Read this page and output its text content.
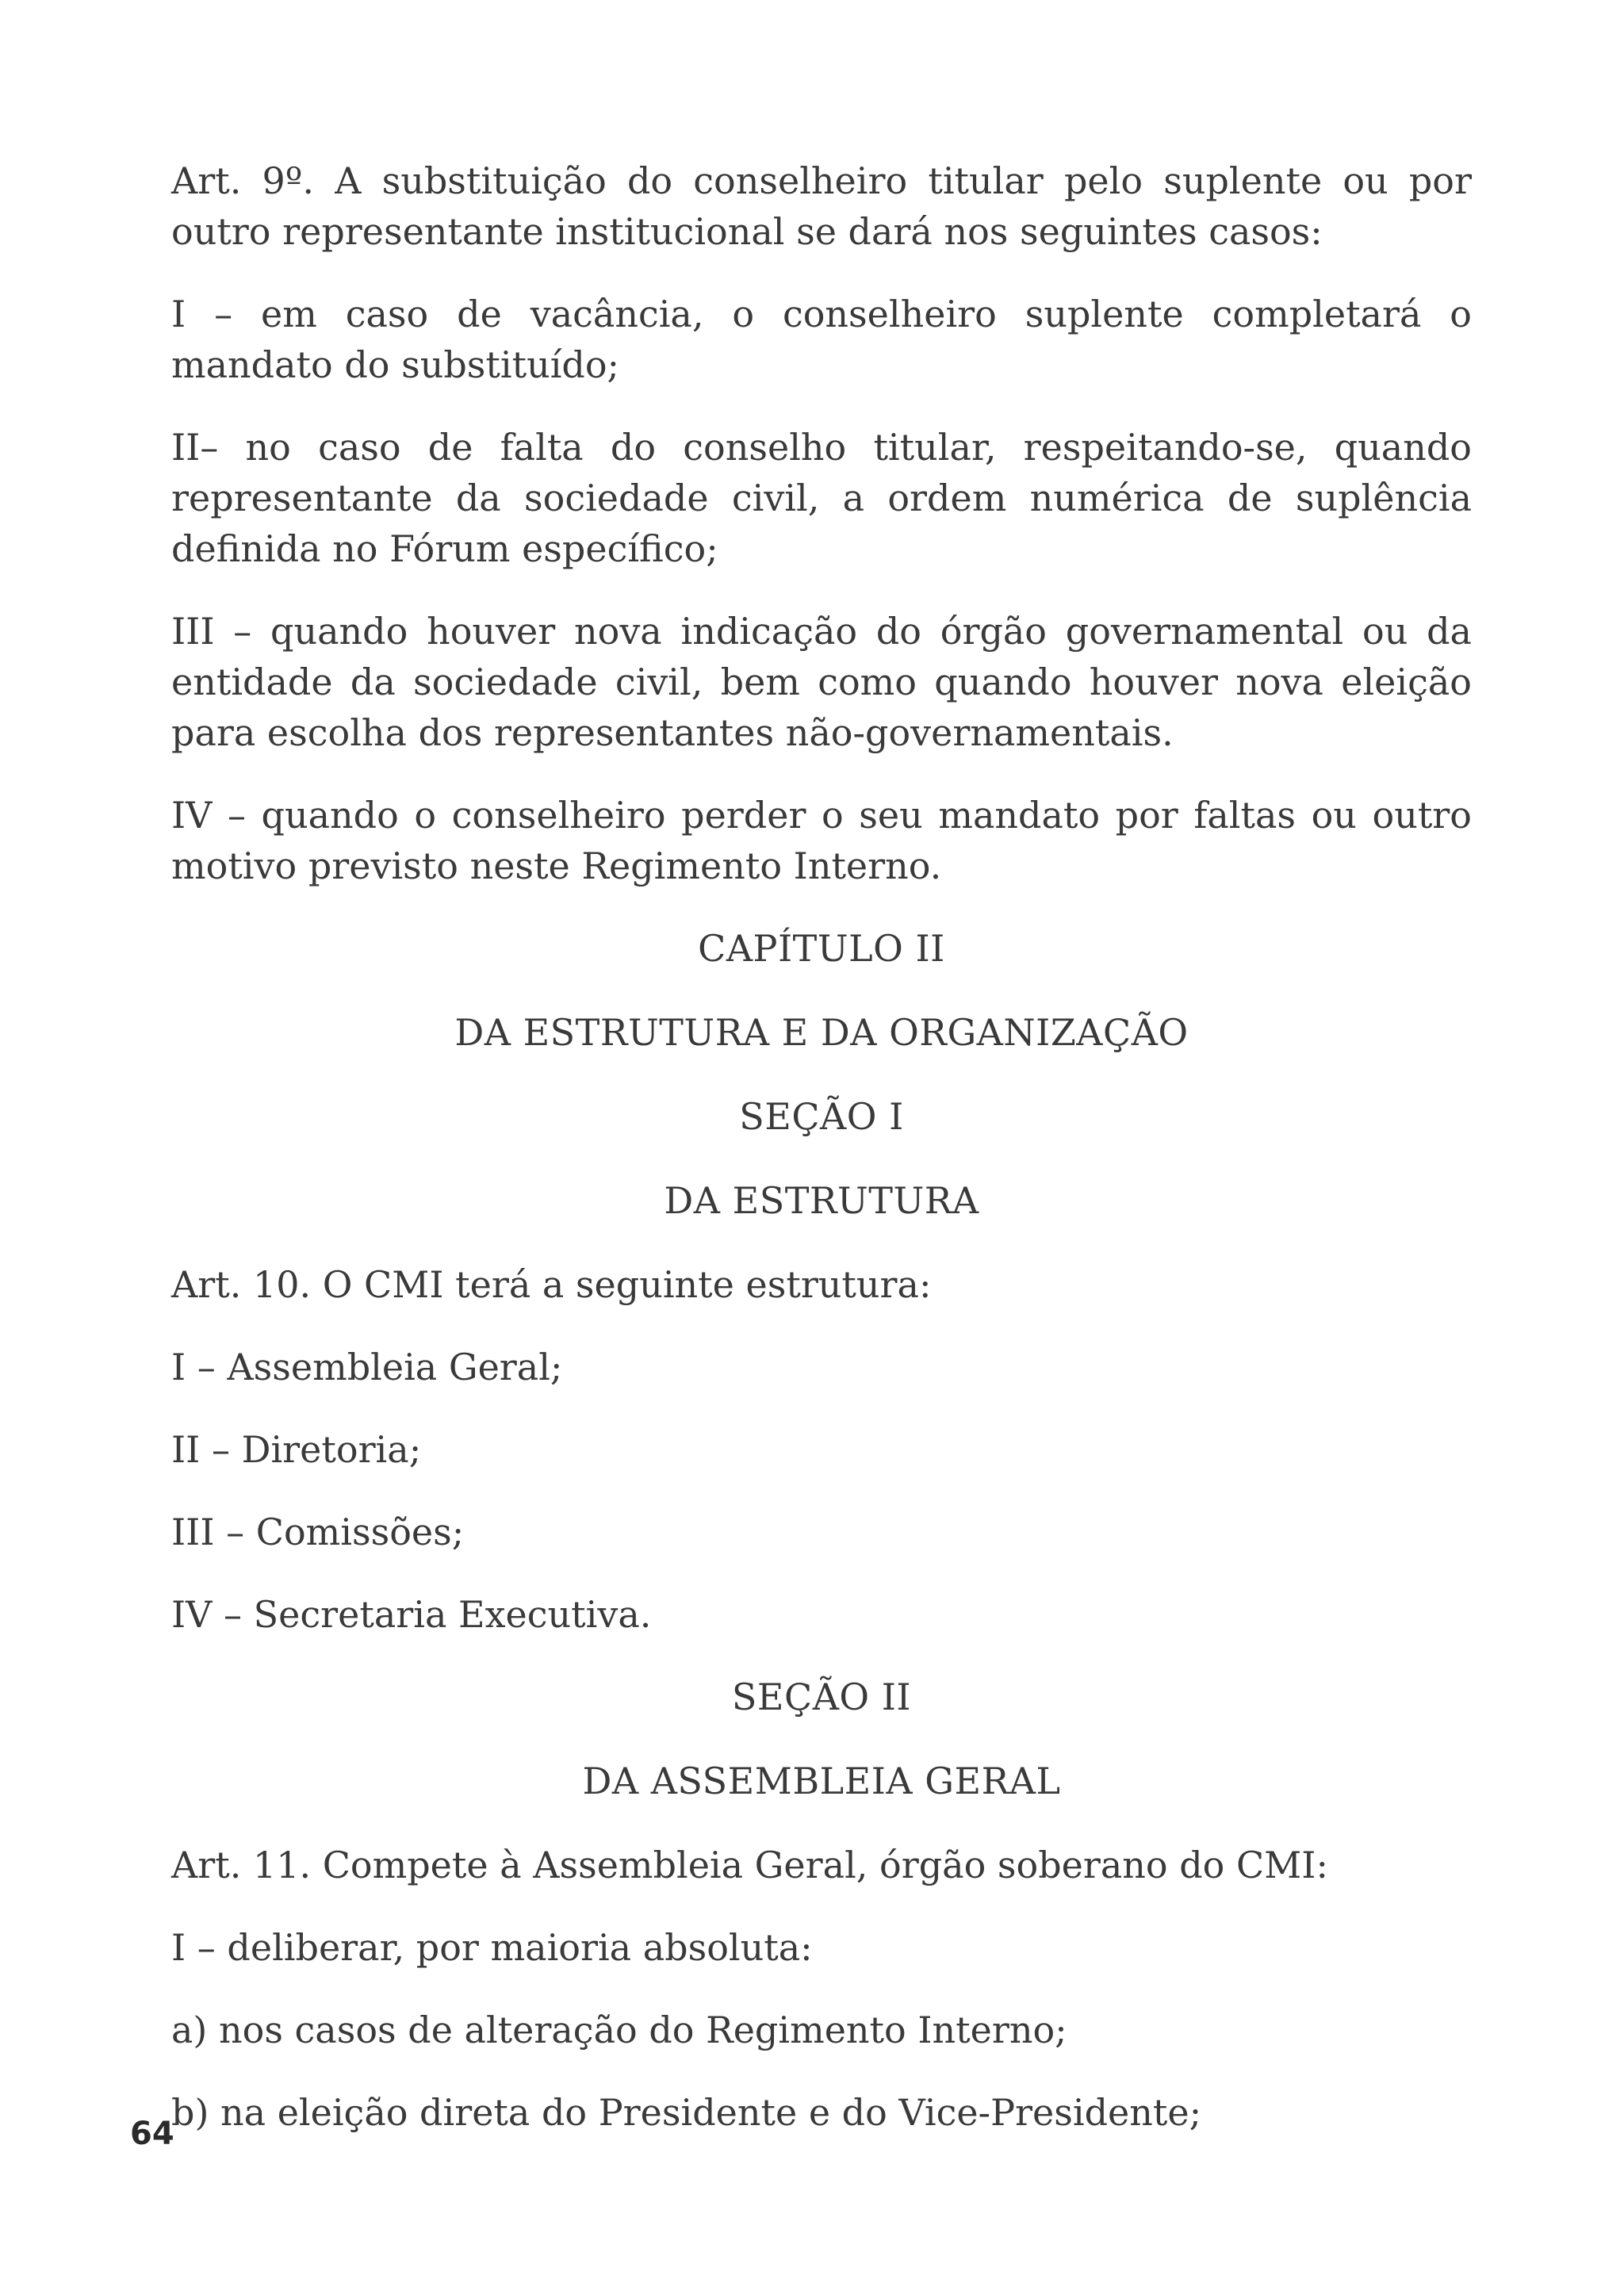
Art. 9º. A substituição do conselheiro titular pelo suplente ou por outro representante institucional se dará nos seguintes casos:

I – em caso de vacância, o conselheiro suplente completará o mandato do substituído;

II– no caso de falta do conselho titular, respeitando-se, quando representante da sociedade civil, a ordem numérica de suplência definida no Fórum específico;

III – quando houver nova indicação do órgão governamental ou da entidade da sociedade civil, bem como quando houver nova eleição para escolha dos representantes não-governamentais.

IV – quando o conselheiro perder o seu mandato por faltas ou outro motivo previsto neste Regimento Interno.

CAPÍTULO II

DA ESTRUTURA E DA ORGANIZAÇÃO

SEÇÃO I

DA ESTRUTURA

Art. 10. O CMI terá a seguinte estrutura:

I – Assembleia Geral;

II – Diretoria;

III – Comissões;

IV – Secretaria Executiva.

SEÇÃO II

DA ASSEMBLEIA GERAL

Art. 11. Compete à Assembleia Geral, órgão soberano do CMI:

I – deliberar, por maioria absoluta:

a) nos casos de alteração do Regimento Interno;

b) na eleição direta do Presidente e do Vice-Presidente;

64
